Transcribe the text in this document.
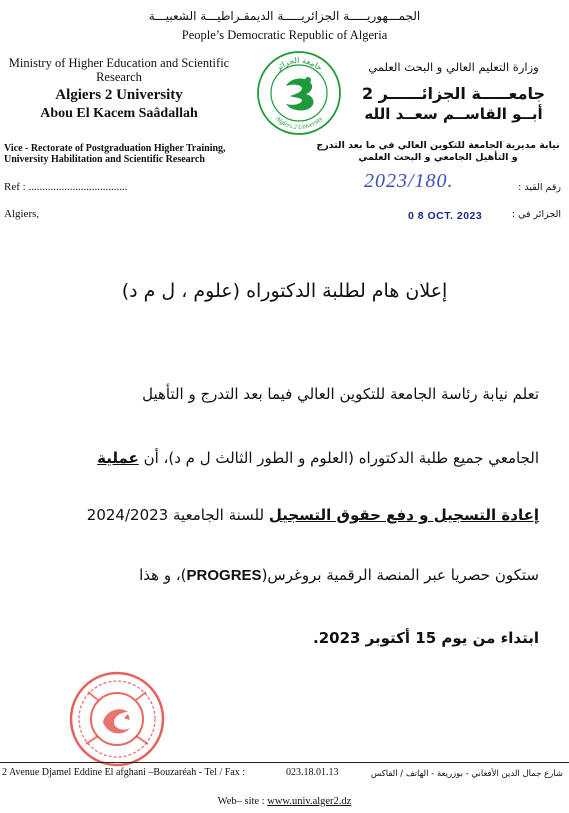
الجمـــهوريـــــة الجزائريـــــة الديمقـراطيـــة الشعبيـــة
People’s Democratic Republic of Algeria
Ministry of Higher Education and Scientific Research
Algiers 2 University
Abou El Kacem Saâdallah
Vice - Rectorate of Postgraduation Higher Training, University Habilitation and Scientific Research
وزارة التعليم العالي و البحث العلمي
جامعـــــة الجزائــــــر 2
أبــو القاســم سعــد الله
نيابة مديرية الجامعة للتكوين العالي في ما بعد التدرج و التأهيل الجامعي و البحث العلمي
جامعة الجزائر
Algiers 2 University
Ref : ....................................
Algiers,
رقم القيد :
2023/180.
الجزائر في :
0 8 OCT. 2023
إعلان هام لطلبة الدكتوراه (علوم ، ل م د)
تعلم نيابة رئاسة الجامعة للتكوين العالي فيما بعد التدرج و التأهيل
الجامعي جميع طلبة الدكتوراه (العلوم و الطور الثالث ل م د)، أن عملية
إعادة التسجيل و دفع حقوق التسجيل للسنة الجامعية 2024/2023
ستكون حصريا عبر المنصة الرقمية بروغرس(PROGRES)، و هذا
ابتداء من يوم 15 أكتوبر 2023.
2 Avenue Djamel Eddine El afghani –Bouzaréah - Tel / Fax :	023.18.01.13	شارع جمال الدين الأفغاني - بوزريعة - الهاتف / الفاكس
Web– site : www.univ.alger2.dz
